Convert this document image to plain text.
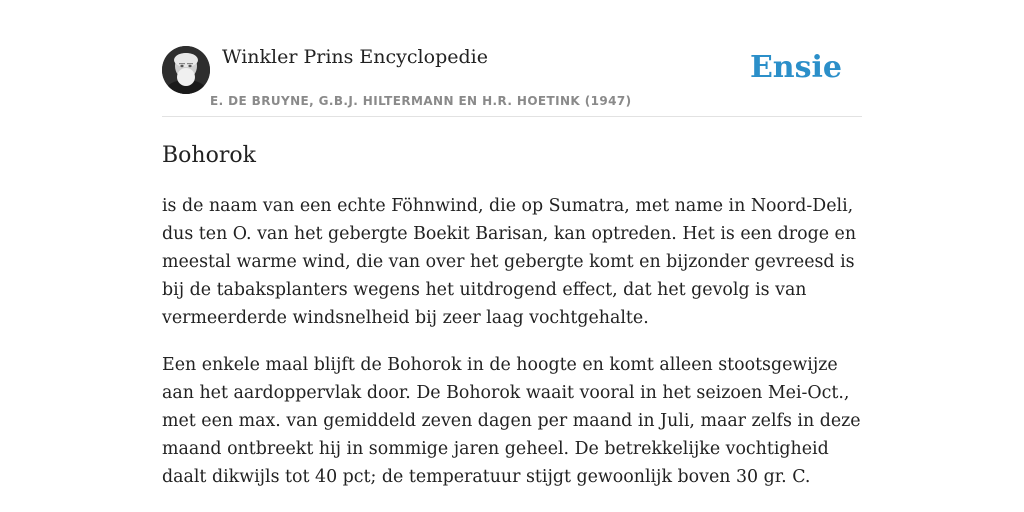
Winkler Prins Encyclopedie
E. DE BRUYNE, G.B.J. HILTERMANN EN H.R. HOETINK (1947)
Ensie
Bohorok

is de naam van een echte Föhnwind, die op Sumatra, met name in Noord-Deli, dus ten O. van het gebergte Boekit Barisan, kan optreden. Het is een droge en meestal warme wind, die van over het gebergte komt en bijzonder gevreesd is bij de tabaksplanters wegens het uitdrogend effect, dat het gevolg is van vermeerderde windsnelheid bij zeer laag vochtgehalte.

Een enkele maal blijft de Bohorok in de hoogte en komt alleen stootsgewijze aan het aardoppervlak door. De Bohorok waait vooral in het seizoen Mei-Oct., met een max. van gemiddeld zeven dagen per maand in Juli, maar zelfs in deze maand ontbreekt hij in sommige jaren geheel. De betrekkelijke vochtigheid daalt dikwijls tot 40 pct; de temperatuur stijgt gewoonlijk boven 30 gr. C.
